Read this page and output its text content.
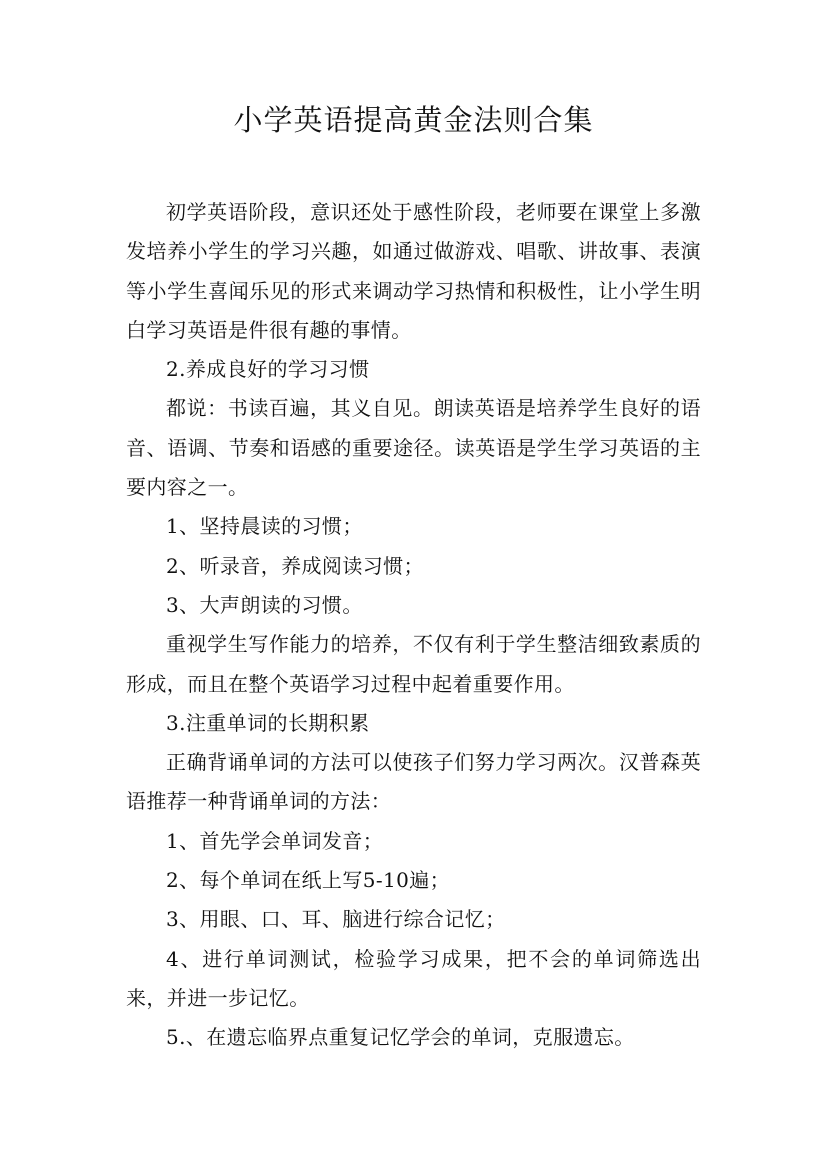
小学英语提高黄金法则合集

初学英语阶段，意识还处于感性阶段，老师要在课堂上多激发培养小学生的学习兴趣，如通过做游戏、唱歌、讲故事、表演等小学生喜闻乐见的形式来调动学习热情和积极性，让小学生明白学习英语是件很有趣的事情。

2.养成良好的学习习惯

都说：书读百遍，其义自见。朗读英语是培养学生良好的语音、语调、节奏和语感的重要途径。读英语是学生学习英语的主要内容之一。

1、坚持晨读的习惯；

2、听录音，养成阅读习惯；

3、大声朗读的习惯。

重视学生写作能力的培养，不仅有利于学生整洁细致素质的形成，而且在整个英语学习过程中起着重要作用。

3.注重单词的长期积累

正确背诵单词的方法可以使孩子们努力学习两次。汉普森英语推荐一种背诵单词的方法：

1、首先学会单词发音；

2、每个单词在纸上写5-10遍；

3、用眼、口、耳、脑进行综合记忆；

4、进行单词测试，检验学习成果，把不会的单词筛选出来，并进一步记忆。

5.、在遗忘临界点重复记忆学会的单词，克服遗忘。
